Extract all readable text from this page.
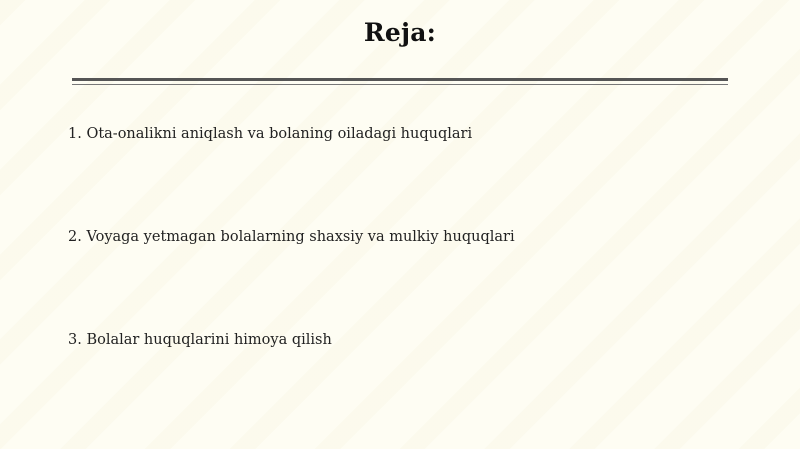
Reja:
1. Ota-onalikni aniqlash va bolaning oiladagi huquqlari
2. Voyaga yetmagan bolalarning shaxsiy va mulkiy huquqlari
3. Bolalar huquqlarini himoya qilish
